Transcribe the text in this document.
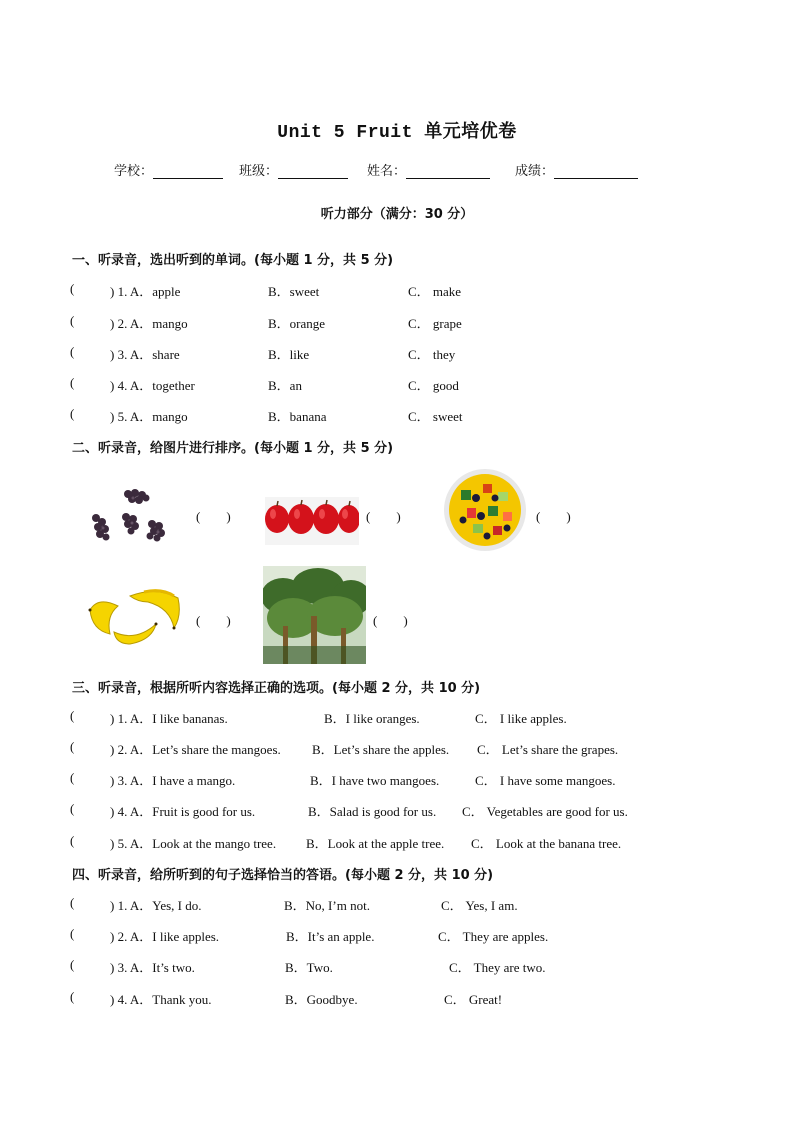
Unit 5 Fruit 单元培优卷
学校：	班级：	姓名：	成绩：
听力部分（满分：30 分）
一、听录音，选出听到的单词。(每小题 1 分，共 5 分)
(	) 1. A．apple	B．sweet	C． make
(	) 2. A．mango	B．orange	C． grape
(	) 3. A．share	B．like	C． they
(	) 4. A．together	B．an	C． good
(	) 5. A．mango	B．banana	C． sweet
二、听录音，给图片进行排序。(每小题 1 分，共 5 分)
(　　)	(　　)	(　　)
(　　)	(　　)
三、听录音，根据所听内容选择正确的选项。(每小题 2 分，共 10 分)
(	) 1. A．I like bananas.	B．I like oranges.	C． I like apples.
(	) 2. A．Let’s share the mangoes. B．Let’s share the apples. C． Let’s share the grapes.
(	) 3. A．I have a mango.	B．I have two mangoes.	C． I have some mangoes.
(	) 4. A．Fruit is good for us.	B．Salad is good for us. C． Vegetables are good for us.
(	) 5. A．Look at the mango tree. B．Look at the apple tree. C． Look at the banana tree.
四、听录音，给所听到的句子选择恰当的答语。(每小题 2 分，共 10 分)
(	) 1. A．Yes, I do.	B．No, I’m not.	C． Yes, I am.
(	) 2. A．I like apples.	B．It’s an apple.	C． They are apples.
(	) 3. A．It’s two.	B．Two.	C． They are two.
(	) 4. A．Thank you.	B．Goodbye.	C． Great!
